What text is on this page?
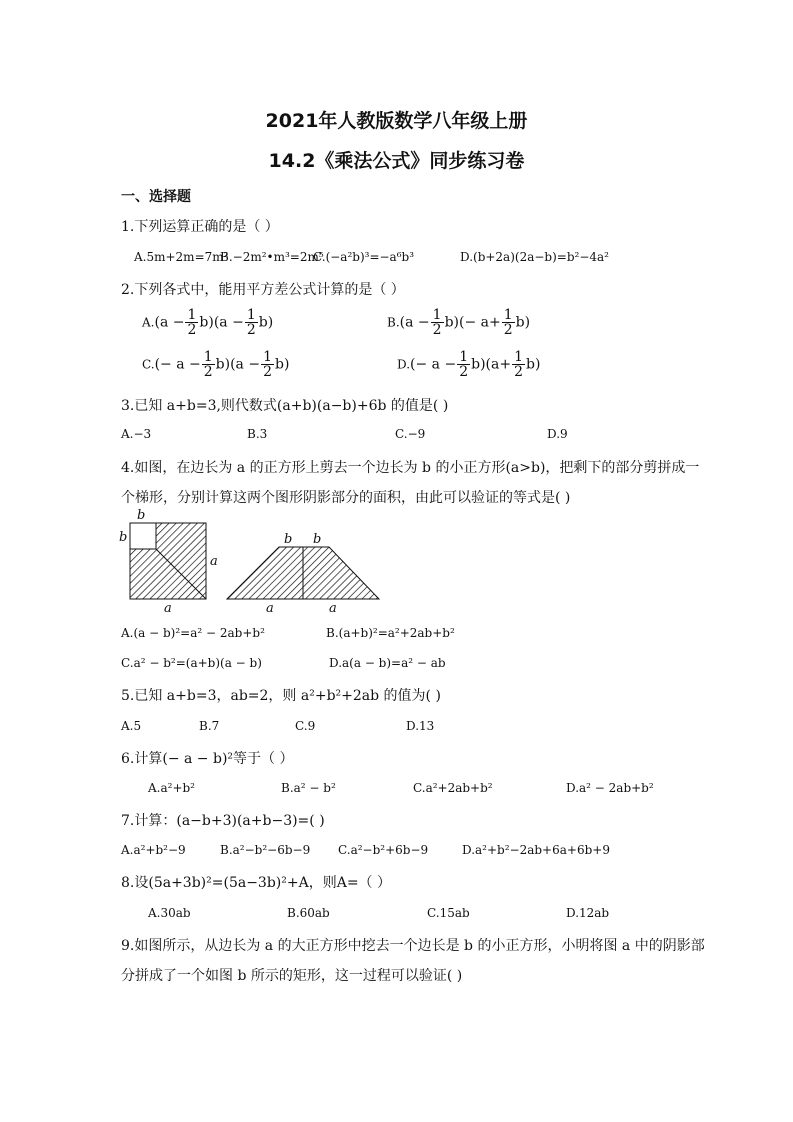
2021年人教版数学八年级上册
14.2《乘法公式》同步练习卷
一、选择题
1.下列运算正确的是（ ）
A.5m+2m=7m²
B.−2m²•m³=2m⁵
C.(−a²b)³=−a⁶b³	D.(b+2a)(2a−b)=b²−4a²
2.下列各式中，能用平方差公式计算的是（ ）
$A.(a - \frac{1}{2} b)(a - \frac{1}{2} b)$	$B.(a - \frac{1}{2} b)(- a+ \frac{1}{2} b)$
$C.(- a - \frac{1}{2} b)(a - \frac{1}{2} b)$	$D.(- a - \frac{1}{2} b)(a+ \frac{1}{2} b)$
3.已知 a+b=3,则代数式(a+b)(a−b)+6b 的值是( )
A.−3	B.3	C.−9	D.9
4.如图，在边长为 a 的正方形上剪去一个边长为 b 的小正方形(a>b)，把剩下的部分剪拼成一
个梯形，分别计算这两个图形阴影部分的面积，由此可以验证的等式是( )
b
b
a
a
b b
a	a
A.(a − b)²=a² − 2ab+b²	B.(a+b)²=a²+2ab+b²
C.a² − b²=(a+b)(a − b)	D.a(a − b)=a² − ab
5.已知 a+b=3，ab=2，则 a²+b²+2ab 的值为( )
A.5	B.7	C.9	D.13
6.计算(− a − b)²等于（ ）
A.a²+b²	B.a² − b²	C.a²+2ab+b²	D.a² − 2ab+b²
7.计算：(a−b+3)(a+b−3)=( )
A.a²+b²−9	B.a²−b²−6b−9 C.a²−b²+6b−9	D.a²+b²−2ab+6a+6b+9
8.设(5a+3b)²=(5a−3b)²+A，则A=（ ）
A.30ab	B.60ab	C.15ab	D.12ab
9.如图所示，从边长为 a 的大正方形中挖去一个边长是 b 的小正方形，小明将图 a 中的阴影部
分拼成了一个如图 b 所示的矩形，这一过程可以验证( )
